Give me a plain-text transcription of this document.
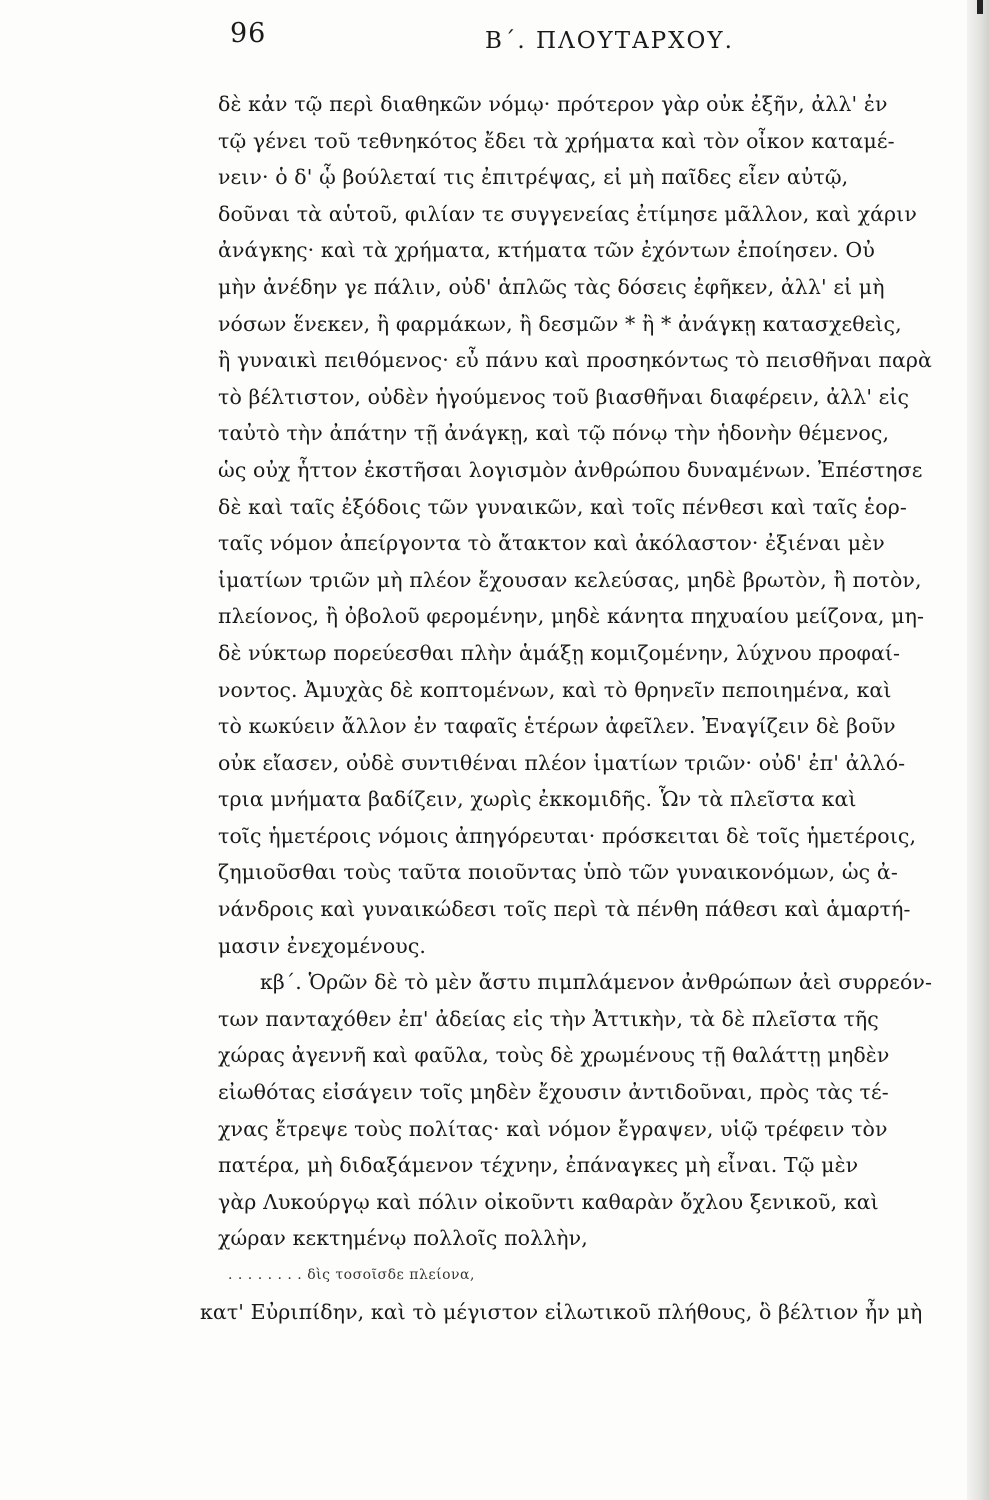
96	Β΄. ΠΛΟΥΤΑΡΧΟΥ.
δὲ κἀν τῷ περὶ διαθηκῶν νόμῳ· πρότερον γὰρ οὐκ ἐξῆν, ἀλλ' ἐν
τῷ γένει τοῦ τεθνηκότος ἔδει τὰ χρήματα καὶ τὸν οἶκον καταμέ-
νειν· ὁ δ' ᾧ βούλεταί τις ἐπιτρέψας, εἰ μὴ παῖδες εἶεν αὐτῷ,
δοῦναι τὰ αὑτοῦ, φιλίαν τε συγγενείας ἐτίμησε μᾶλλον, καὶ χάριν
ἀνάγκης· καὶ τὰ χρήματα, κτήματα τῶν ἐχόντων ἐποίησεν. Οὐ
μὴν ἀνέδην γε πάλιν, οὐδ' ἁπλῶς τὰς δόσεις ἐφῆκεν, ἀλλ' εἰ μὴ
νόσων ἕνεκεν, ἢ φαρμάκων, ἢ δεσμῶν * ἢ * ἀνάγκῃ κατασχεθεὶς,
ἢ γυναικὶ πειθόμενος· εὖ πάνυ καὶ προσηκόντως τὸ πεισθῆναι παρὰ
τὸ βέλτιστον, οὐδὲν ἡγούμενος τοῦ βιασθῆναι διαφέρειν, ἀλλ' εἰς
ταὐτὸ τὴν ἀπάτην τῇ ἀνάγκῃ, καὶ τῷ πόνῳ τὴν ἡδονὴν θέμενος,
ὡς οὐχ ἧττον ἐκστῆσαι λογισμὸν ἀνθρώπου δυναμένων. Ἐπέστησε
δὲ καὶ ταῖς ἐξόδοις τῶν γυναικῶν, καὶ τοῖς πένθεσι καὶ ταῖς ἑορ-
ταῖς νόμον ἀπείργοντα τὸ ἄτακτον καὶ ἀκόλαστον· ἐξιέναι μὲν
ἱματίων τριῶν μὴ πλέον ἔχουσαν κελεύσας, μηδὲ βρωτὸν, ἢ ποτὸν,
πλείονος, ἢ ὀβολοῦ φερομένην, μηδὲ κάνητα πηχυαίου μείζονα, μη-
δὲ νύκτωρ πορεύεσθαι πλὴν ἁμάξῃ κομιζομένην, λύχνου προφαί-
νοντος. Ἀμυχὰς δὲ κοπτομένων, καὶ τὸ θρηνεῖν πεποιημένα, καὶ
τὸ κωκύειν ἄλλον ἐν ταφαῖς ἑτέρων ἀφεῖλεν. Ἐναγίζειν δὲ βοῦν
οὐκ εἴασεν, οὐδὲ συντιθέναι πλέον ἱματίων τριῶν· οὐδ' ἐπ' ἀλλό-
τρια μνήματα βαδίζειν, χωρὶς ἐκκομιδῆς. Ὧν τὰ πλεῖστα καὶ
τοῖς ἡμετέροις νόμοις ἀπηγόρευται· πρόσκειται δὲ τοῖς ἡμετέροις,
ζημιοῦσθαι τοὺς ταῦτα ποιοῦντας ὑπὸ τῶν γυναικονόμων, ὡς ἀ-
νάνδροις καὶ γυναικώδεσι τοῖς περὶ τὰ πένθη πάθεσι καὶ ἁμαρτή-
μασιν ἐνεχομένους.
κβ΄. Ὁρῶν δὲ τὸ μὲν ἄστυ πιμπλάμενον ἀνθρώπων ἀεὶ συρρεόν-
των πανταχόθεν ἐπ' ἀδείας εἰς τὴν Ἀττικὴν, τὰ δὲ πλεῖστα τῆς
χώρας ἀγεννῆ καὶ φαῦλα, τοὺς δὲ χρωμένους τῇ θαλάττῃ μηδὲν
εἰωθότας εἰσάγειν τοῖς μηδὲν ἔχουσιν ἀντιδοῦναι, πρὸς τὰς τέ-
χνας ἔτρεψε τοὺς πολίτας· καὶ νόμον ἔγραψεν, υἱῷ τρέφειν τὸν
πατέρα, μὴ διδαξάμενον τέχνην, ἐπάναγκες μὴ εἶναι. Τῷ μὲν
γὰρ Λυκούργῳ καὶ πόλιν οἰκοῦντι καθαρὰν ὄχλου ξενικοῦ, καὶ
χώραν κεκτημένῳ πολλοῖς πολλὴν,
. . . . . . . . δὶς τοσοῖσδε πλείονα,
κατ' Εὐριπίδην, καὶ τὸ μέγιστον εἱλωτικοῦ πλήθους, ὃ βέλτιον ἦν μὴ
